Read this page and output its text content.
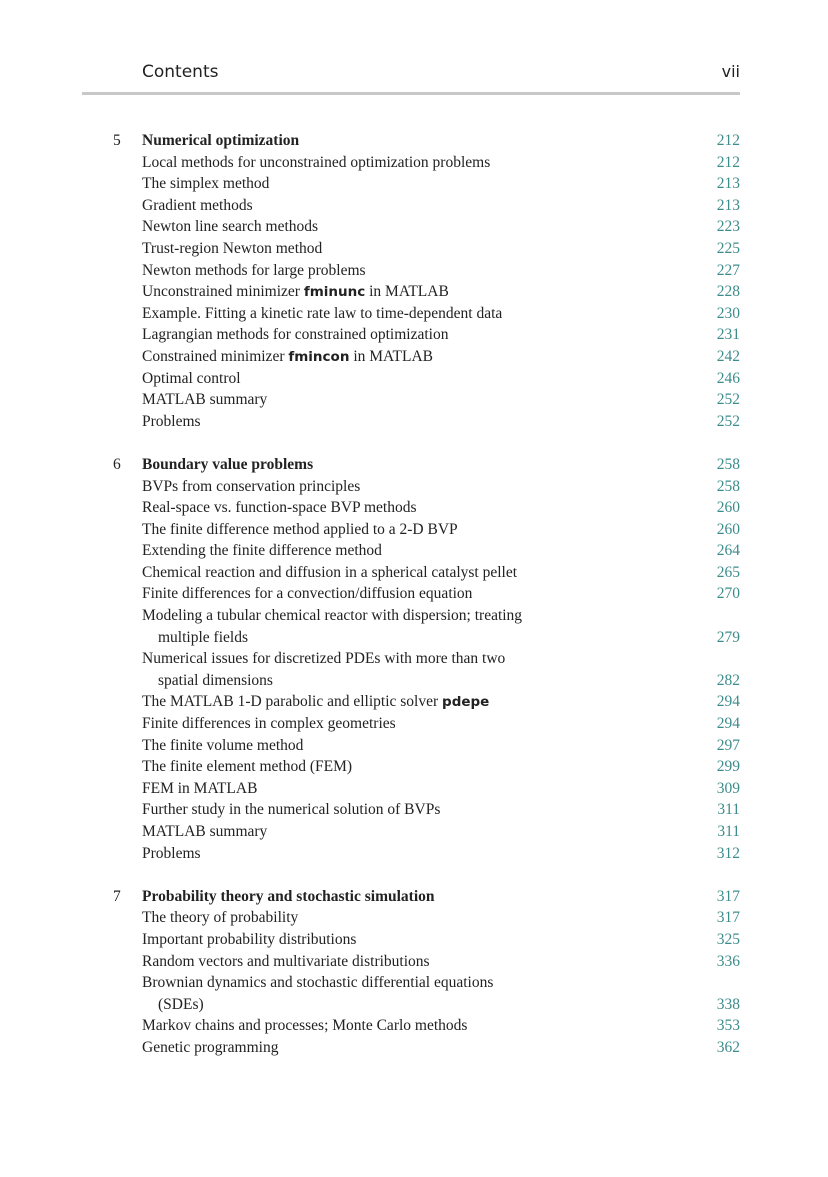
Contents	vii
5 Numerical optimization	212
Local methods for unconstrained optimization problems	212
The simplex method	213
Gradient methods	213
Newton line search methods	223
Trust-region Newton method	225
Newton methods for large problems	227
Unconstrained minimizer fminunc in MATLAB	228
Example. Fitting a kinetic rate law to time-dependent data	230
Lagrangian methods for constrained optimization	231
Constrained minimizer fmincon in MATLAB	242
Optimal control	246
MATLAB summary	252
Problems	252
6 Boundary value problems	258
BVPs from conservation principles	258
Real-space vs. function-space BVP methods	260
The finite difference method applied to a 2-D BVP	260
Extending the finite difference method	264
Chemical reaction and diffusion in a spherical catalyst pellet	265
Finite differences for a convection/diffusion equation	270
Modeling a tubular chemical reactor with dispersion; treating
multiple fields	279
Numerical issues for discretized PDEs with more than two
spatial dimensions	282
The MATLAB 1-D parabolic and elliptic solver pdepe	294
Finite differences in complex geometries	294
The finite volume method	297
The finite element method (FEM)	299
FEM in MATLAB	309
Further study in the numerical solution of BVPs	311
MATLAB summary	311
Problems	312
7 Probability theory and stochastic simulation	317
The theory of probability	317
Important probability distributions	325
Random vectors and multivariate distributions	336
Brownian dynamics and stochastic differential equations
(SDEs)	338
Markov chains and processes; Monte Carlo methods	353
Genetic programming	362
